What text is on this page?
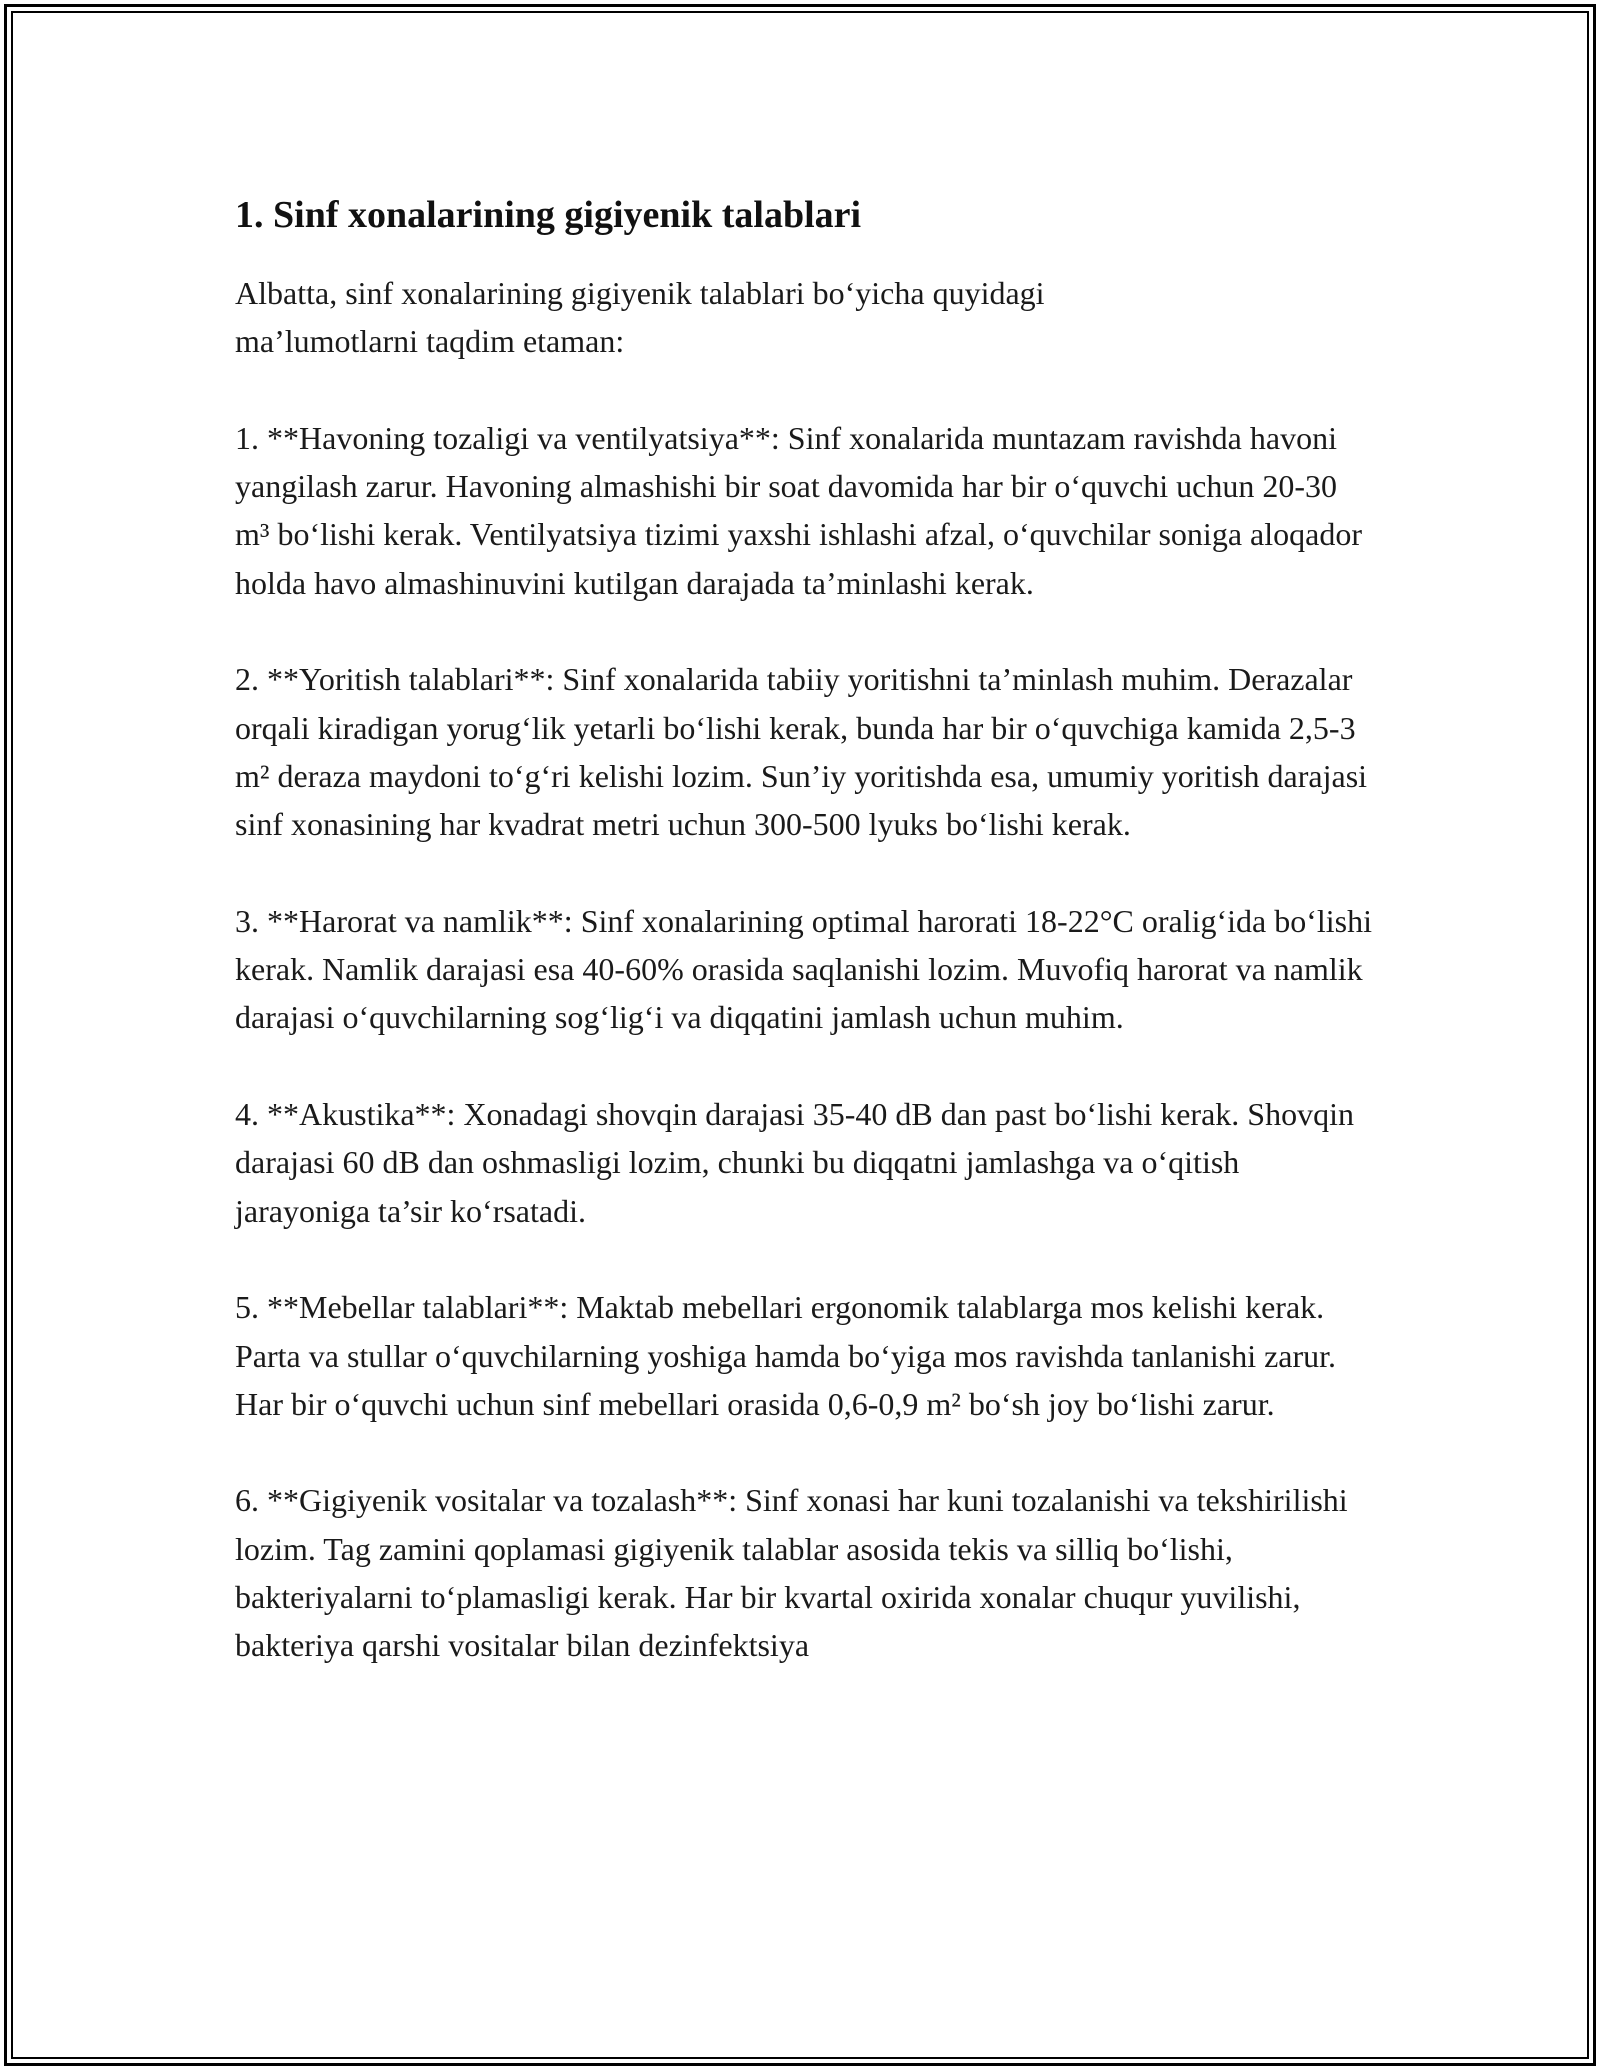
1. Sinf xonalarining gigiyenik talablari

Albatta, sinf xonalarining gigiyenik talablari bo‘yicha quyidagi ma’lumotlarni taqdim etaman:

1. **Havoning tozaligi va ventilyatsiya**: Sinf xonalarida muntazam ravishda havoni yangilash zarur. Havoning almashishi bir soat davomida har bir o‘quvchi uchun 20-30 m³ bo‘lishi kerak. Ventilyatsiya tizimi yaxshi ishlashi afzal, o‘quvchilar soniga aloqador holda havo almashinuvini kutilgan darajada ta’minlashi kerak.

2. **Yoritish talablari**: Sinf xonalarida tabiiy yoritishni ta’minlash muhim. Derazalar orqali kiradigan yorug‘lik yetarli bo‘lishi kerak, bunda har bir o‘quvchiga kamida 2,5-3 m² deraza maydoni to‘g‘ri kelishi lozim. Sun’iy yoritishda esa, umumiy yoritish darajasi sinf xonasining har kvadrat metri uchun 300-500 lyuks bo‘lishi kerak.

3. **Harorat va namlik**: Sinf xonalarining optimal harorati 18-22°C oralig‘ida bo‘lishi kerak. Namlik darajasi esa 40-60% orasida saqlanishi lozim. Muvofiq harorat va namlik darajasi o‘quvchilarning sog‘lig‘i va diqqatini jamlash uchun muhim.

4. **Akustika**: Xonadagi shovqin darajasi 35-40 dB dan past bo‘lishi kerak. Shovqin darajasi 60 dB dan oshmasligi lozim, chunki bu diqqatni jamlashga va o‘qitish jarayoniga ta’sir ko‘rsatadi.

5. **Mebellar talablari**: Maktab mebellari ergonomik talablarga mos kelishi kerak. Parta va stullar o‘quvchilarning yoshiga hamda bo‘yiga mos ravishda tanlanishi zarur. Har bir o‘quvchi uchun sinf mebellari orasida 0,6-0,9 m² bo‘sh joy bo‘lishi zarur.

6. **Gigiyenik vositalar va tozalash**: Sinf xonasi har kuni tozalanishi va tekshirilishi lozim. Tag zamini qoplamasi gigiyenik talablar asosida tekis va silliq bo‘lishi, bakteriyalarni to‘plamasligi kerak. Har bir kvartal oxirida xonalar chuqur yuvilishi, bakteriya qarshi vositalar bilan dezinfektsiya
